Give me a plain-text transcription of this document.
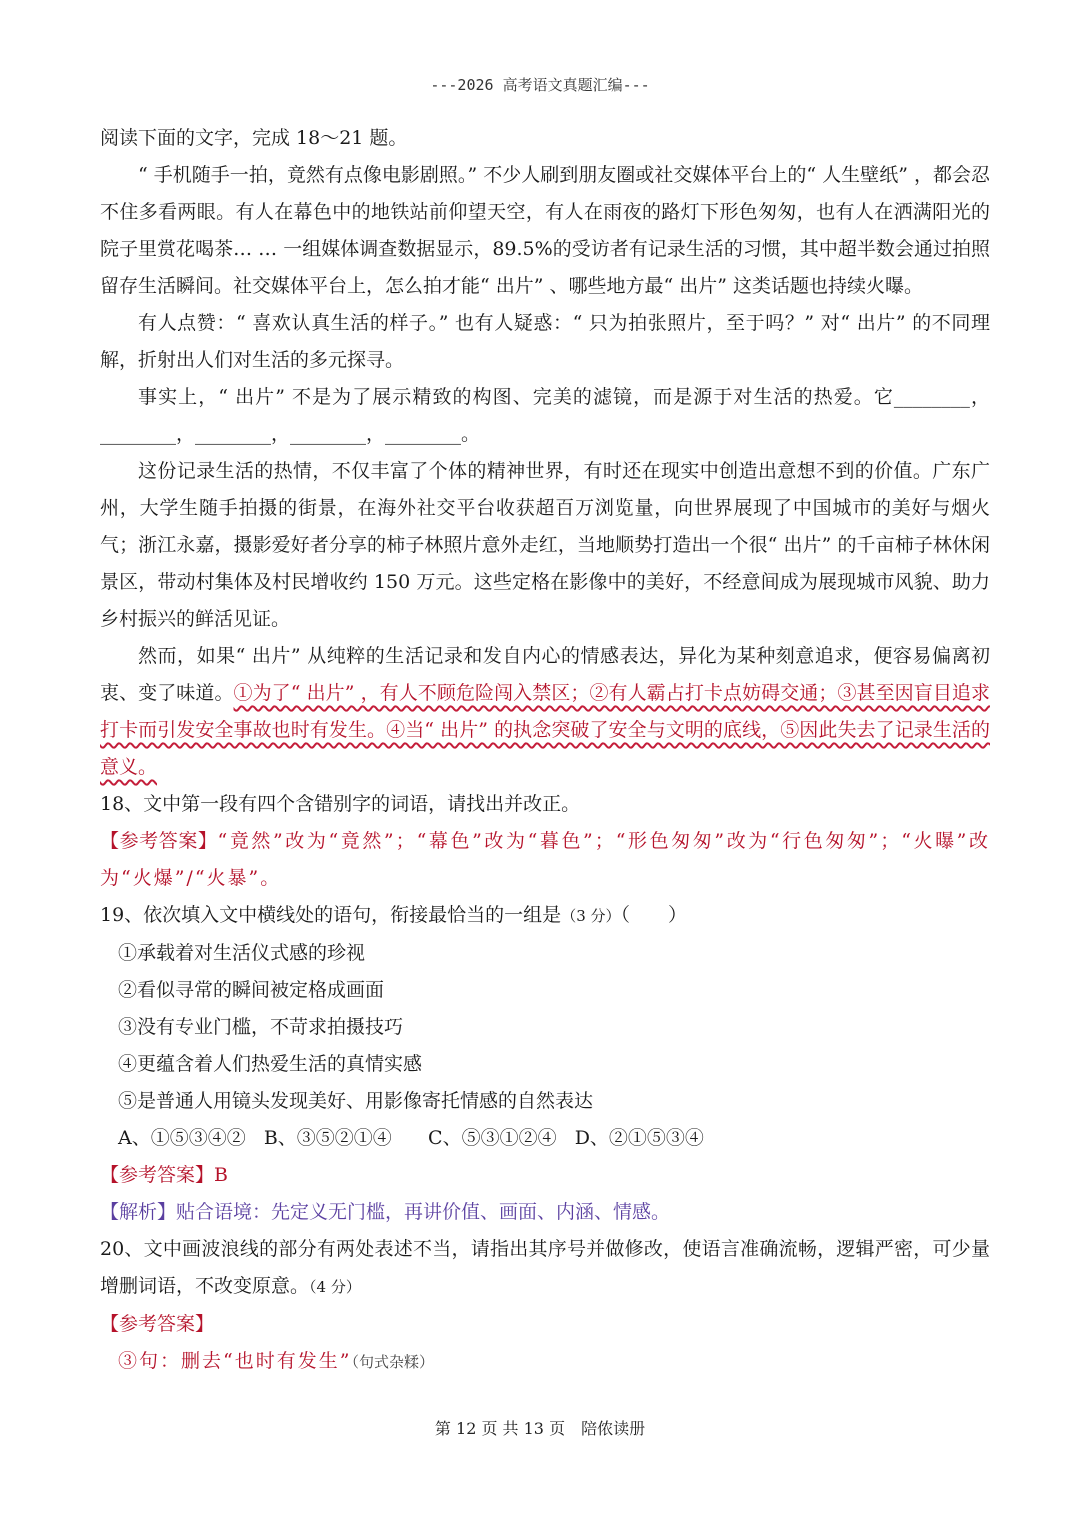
---2026 高考语文真题汇编---

阅读下面的文字，完成 18～21 题。

“ 手机随手一拍，竟然有点像电影剧照。” 不少人刷到朋友圈或社交媒体平台上的“ 人生壁纸” ，都会忍不住多看两眼。有人在幕色中的地铁站前仰望天空，有人在雨夜的路灯下形色匆匆，也有人在洒满阳光的院子里赏花喝茶… … 一组媒体调查数据显示，89.5%的受访者有记录生活的习惯，其中超半数会通过拍照留存生活瞬间。社交媒体平台上，怎么拍才能“ 出片” 、哪些地方最“ 出片” 这类话题也持续火曝。

有人点赞：“ 喜欢认真生活的样子。” 也有人疑惑：“ 只为拍张照片，至于吗？” 对“ 出片” 的不同理解，折射出人们对生活的多元探寻。

事实上，“ 出片” 不是为了展示精致的构图、完美的滤镜，而是源于对生活的热爱。它________，________，________，________，________。

这份记录生活的热情，不仅丰富了个体的精神世界，有时还在现实中创造出意想不到的价值。广东广州，大学生随手拍摄的街景，在海外社交平台收获超百万浏览量，向世界展现了中国城市的美好与烟火气；浙江永嘉，摄影爱好者分享的柿子林照片意外走红，当地顺势打造出一个很“ 出片” 的千亩柿子林休闲景区，带动村集体及村民增收约 150 万元。这些定格在影像中的美好，不经意间成为展现城市风貌、助力乡村振兴的鲜活见证。

然而，如果“ 出片” 从纯粹的生活记录和发自内心的情感表达，异化为某种刻意追求，便容易偏离初衷、变了味道。①为了“ 出片” ，有人不顾危险闯入禁区；②有人霸占打卡点妨碍交通；③甚至因盲目追求打卡而引发安全事故也时有发生。④当“ 出片” 的执念突破了安全与文明的底线，⑤因此失去了记录生活的意义。

18、文中第一段有四个含错别字的词语，请找出并改正。

【参考答案】“竟然”改为“竟然”；“幕色”改为“暮色”；“形色匆匆”改为“行色匆匆”；“火曝”改为“火爆”/“火暴”。

19、依次填入文中横线处的语句，衔接最恰当的一组是（3 分）（　　）

①承载着对生活仪式感的珍视

②看似寻常的瞬间被定格成画面

③没有专业门槛，不苛求拍摄技巧

④更蕴含着人们热爱生活的真情实感

⑤是普通人用镜头发现美好、用影像寄托情感的自然表达

A、①⑤③④②   B、③⑤②①④      C、⑤③①②④   D、②①⑤③④

【参考答案】B

【解析】贴合语境：先定义无门槛，再讲价值、画面、内涵、情感。

20、文中画波浪线的部分有两处表述不当，请指出其序号并做修改，使语言准确流畅，逻辑严密，可少量增删词语，不改变原意。（4 分）

【参考答案】

③句：删去“也时有发生”（句式杂糅）

第 12 页 共 13 页　陪侬读册
